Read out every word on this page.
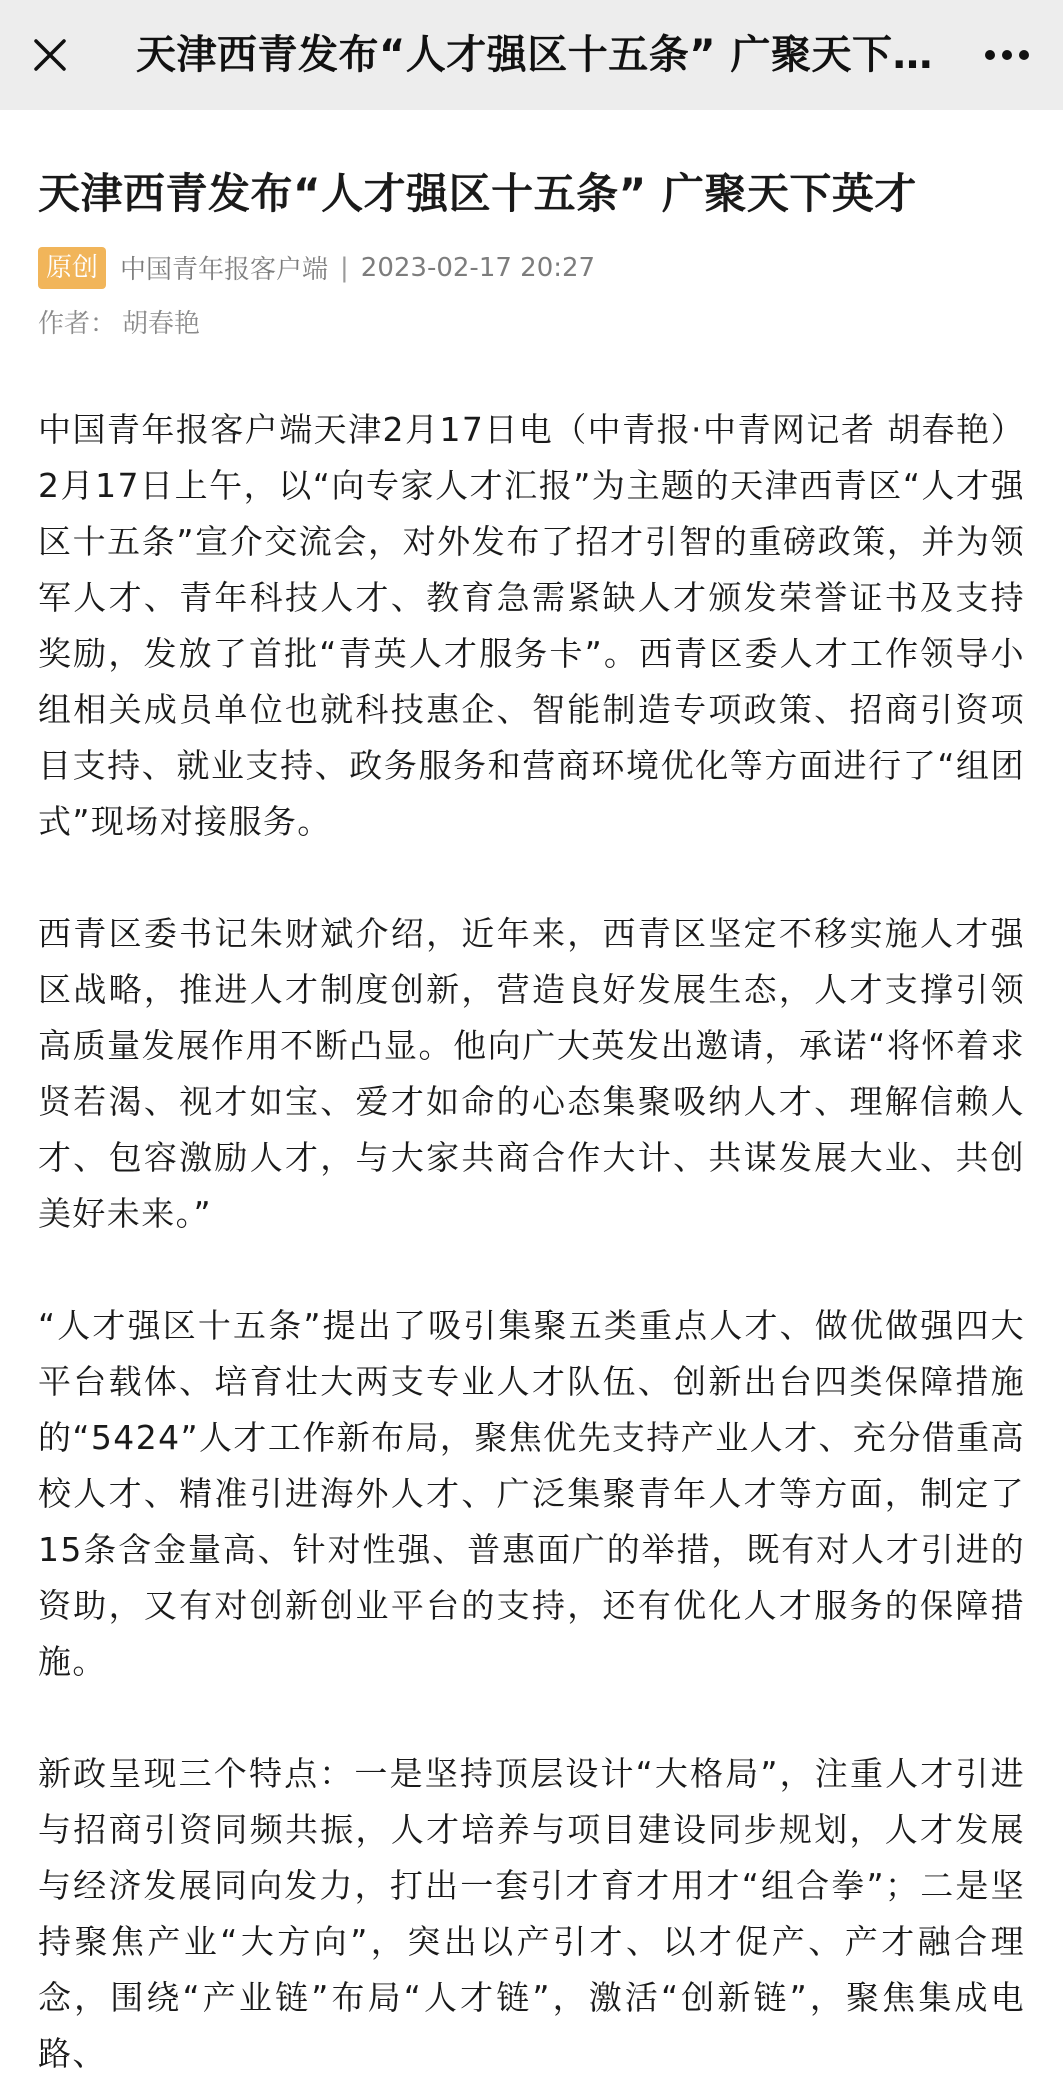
天津西青发布“人才强区十五条” 广聚天下…
天津西青发布“人才强区十五条” 广聚天下英才
原创 中国青年报客户端 | 2023-02-17 20:27
作者： 胡春艳

中国青年报客户端天津2月17日电（中青报·中青网记者 胡春艳）2月17日上午，以“向专家人才汇报”为主题的天津西青区“人才强区十五条”宣介交流会，对外发布了招才引智的重磅政策，并为领军人才、青年科技人才、教育急需紧缺人才颁发荣誉证书及支持奖励，发放了首批“青英人才服务卡”。西青区委人才工作领导小组相关成员单位也就科技惠企、智能制造专项政策、招商引资项目支持、就业支持、政务服务和营商环境优化等方面进行了“组团式”现场对接服务。

西青区委书记朱财斌介绍，近年来，西青区坚定不移实施人才强区战略，推进人才制度创新，营造良好发展生态，人才支撑引领高质量发展作用不断凸显。他向广大英发出邀请，承诺“将怀着求贤若渴、视才如宝、爱才如命的心态集聚吸纳人才、理解信赖人才、包容激励人才，与大家共商合作大计、共谋发展大业、共创美好未来。”

“人才强区十五条”提出了吸引集聚五类重点人才、做优做强四大平台载体、培育壮大两支专业人才队伍、创新出台四类保障措施的“5424”人才工作新布局，聚焦优先支持产业人才、充分借重高校人才、精准引进海外人才、广泛集聚青年人才等方面，制定了15条含金量高、针对性强、普惠面广的举措，既有对人才引进的资助，又有对创新创业平台的支持，还有优化人才服务的保障措施。

新政呈现三个特点：一是坚持顶层设计“大格局”，注重人才引进与招商引资同频共振，人才培养与项目建设同步规划，人才发展与经济发展同向发力，打出一套引才育才用才“组合拳”；二是坚持聚焦产业“大方向”，突出以产引才、以才促产、产才融合理念，围绕“产业链”布局“人才链”，激活“创新链”，聚焦集成电路、
